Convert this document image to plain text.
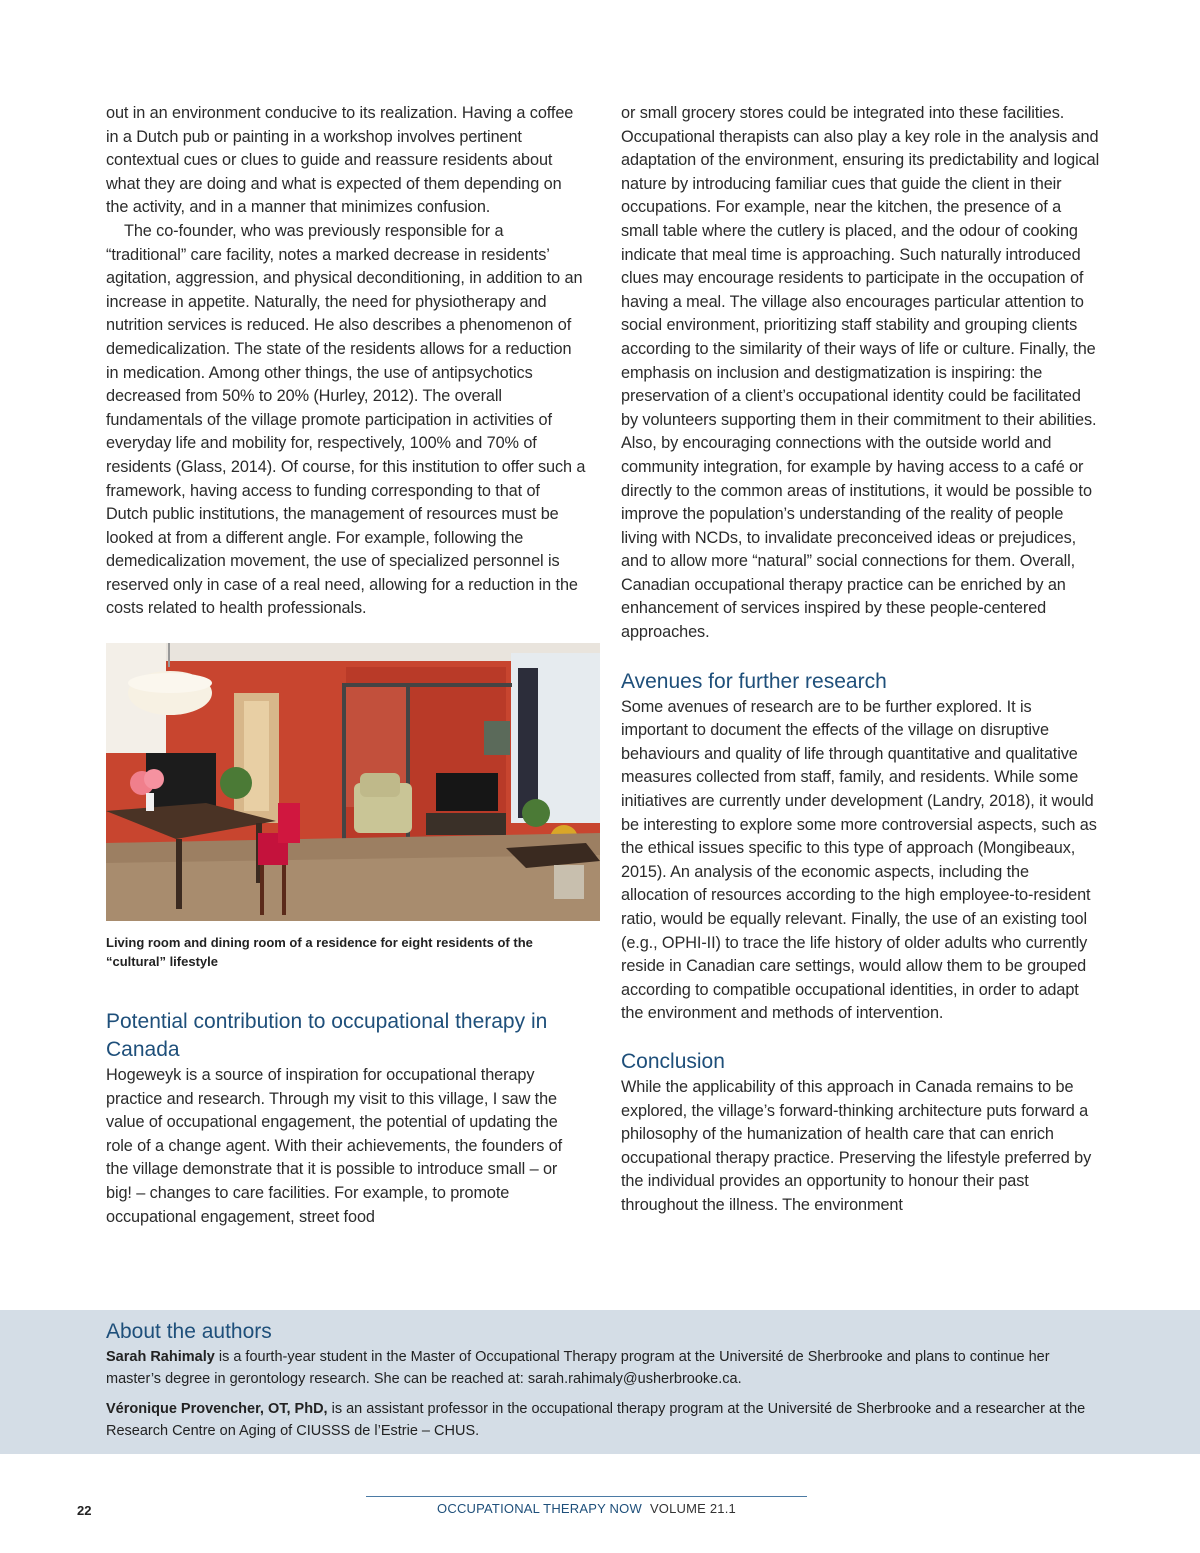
out in an environment conducive to its realization. Having a coffee in a Dutch pub or painting in a workshop involves pertinent contextual cues or clues to guide and reassure residents about what they are doing and what is expected of them depending on the activity, and in a manner that minimizes confusion.

The co-founder, who was previously responsible for a “traditional” care facility, notes a marked decrease in residents’ agitation, aggression, and physical deconditioning, in addition to an increase in appetite. Naturally, the need for physiotherapy and nutrition services is reduced. He also describes a phenomenon of demedicalization. The state of the residents allows for a reduction in medication. Among other things, the use of antipsychotics decreased from 50% to 20% (Hurley, 2012). The overall fundamentals of the village promote participation in activities of everyday life and mobility for, respectively, 100% and 70% of residents (Glass, 2014). Of course, for this institution to offer such a framework, having access to funding corresponding to that of Dutch public institutions, the management of resources must be looked at from a different angle. For example, following the demedicalization movement, the use of specialized personnel is reserved only in case of a real need, allowing for a reduction in the costs related to health professionals.

Living room and dining room of a residence for eight residents of the “cultural” lifestyle

Potential contribution to occupational therapy in Canada

Hogeweyk is a source of inspiration for occupational therapy practice and research. Through my visit to this village, I saw the value of occupational engagement, the potential of updating the role of a change agent. With their achievements, the founders of the village demonstrate that it is possible to introduce small – or big! – changes to care facilities. For example, to promote occupational engagement, street food

or small grocery stores could be integrated into these facilities. Occupational therapists can also play a key role in the analysis and adaptation of the environment, ensuring its predictability and logical nature by introducing familiar cues that guide the client in their occupations. For example, near the kitchen, the presence of a small table where the cutlery is placed, and the odour of cooking indicate that meal time is approaching. Such naturally introduced clues may encourage residents to participate in the occupation of having a meal. The village also encourages particular attention to social environment, prioritizing staff stability and grouping clients according to the similarity of their ways of life or culture. Finally, the emphasis on inclusion and destigmatization is inspiring: the preservation of a client’s occupational identity could be facilitated by volunteers supporting them in their commitment to their abilities. Also, by encouraging connections with the outside world and community integration, for example by having access to a café or directly to the common areas of institutions, it would be possible to improve the population’s understanding of the reality of people living with NCDs, to invalidate preconceived ideas or prejudices, and to allow more “natural” social connections for them. Overall, Canadian occupational therapy practice can be enriched by an enhancement of services inspired by these people-centered approaches.

Avenues for further research

Some avenues of research are to be further explored. It is important to document the effects of the village on disruptive behaviours and quality of life through quantitative and qualitative measures collected from staff, family, and residents. While some initiatives are currently under development (Landry, 2018), it would be interesting to explore some more controversial aspects, such as the ethical issues specific to this type of approach (Mongibeaux, 2015). An analysis of the economic aspects, including the allocation of resources according to the high employee-to-resident ratio, would be equally relevant. Finally, the use of an existing tool (e.g., OPHI-II) to trace the life history of older adults who currently reside in Canadian care settings, would allow them to be grouped according to compatible occupational identities, in order to adapt the environment and methods of intervention.

Conclusion

While the applicability of this approach in Canada remains to be explored, the village’s forward-thinking architecture puts forward a philosophy of the humanization of health care that can enrich occupational therapy practice. Preserving the lifestyle preferred by the individual provides an opportunity to honour their past throughout the illness. The environment

About the authors

Sarah Rahimaly is a fourth-year student in the Master of Occupational Therapy program at the Université de Sherbrooke and plans to continue her master’s degree in gerontology research. She can be reached at: sarah.rahimaly@usherbrooke.ca.

Véronique Provencher, OT, PhD, is an assistant professor in the occupational therapy program at the Université de Sherbrooke and a researcher at the Research Centre on Aging of CIUSSS de l’Estrie – CHUS.

22	OCCUPATIONAL THERAPY NOW VOLUME 21.1
